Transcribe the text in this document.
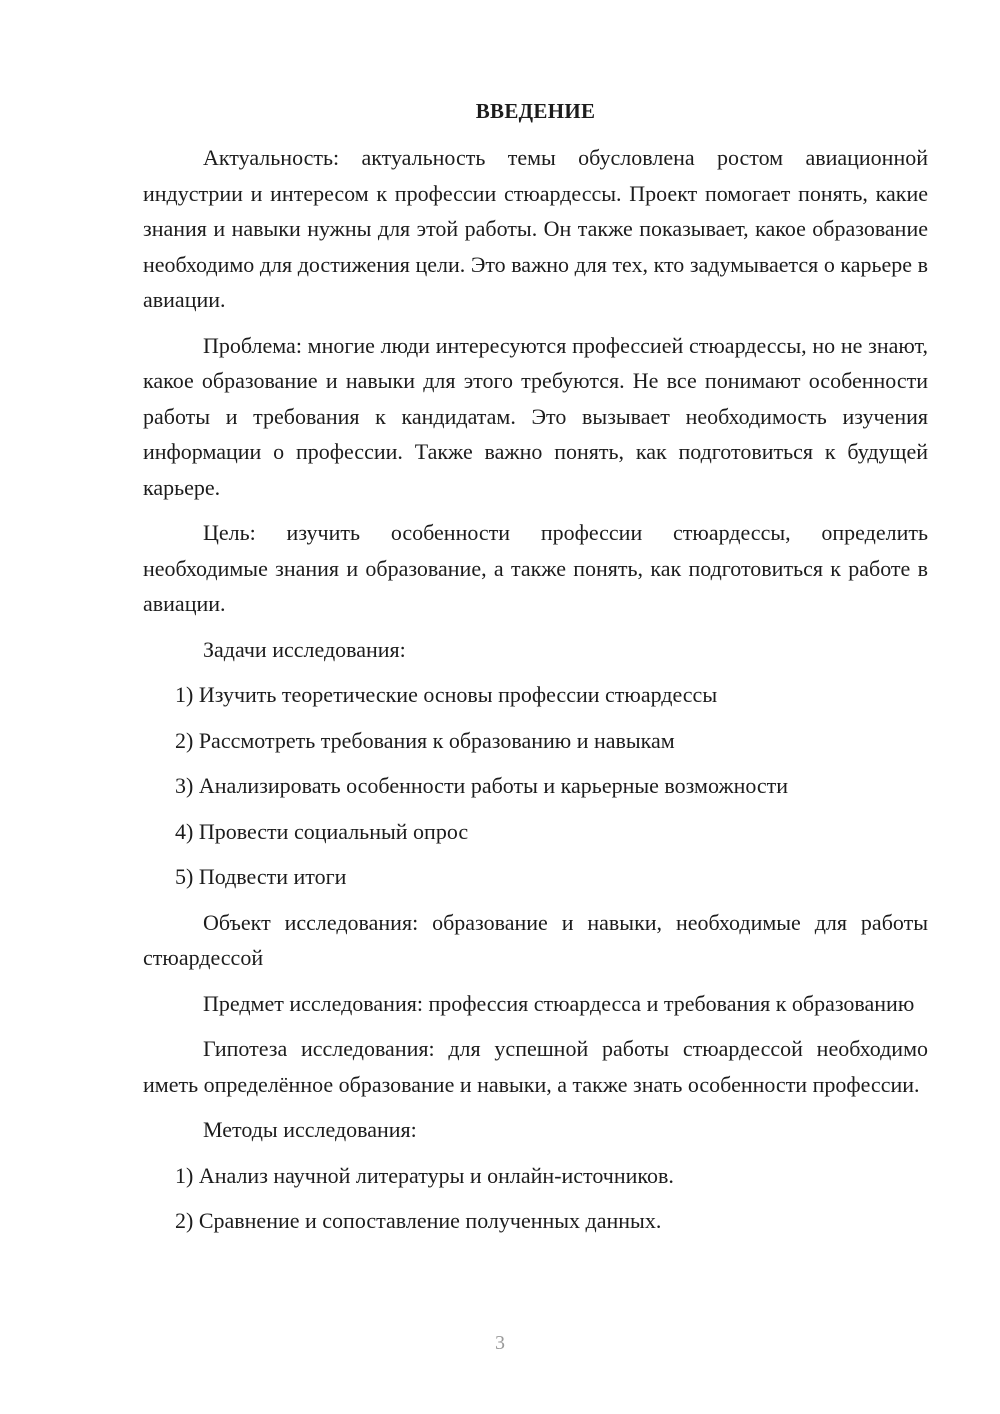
ВВЕДЕНИЕ

Актуальность: актуальность темы обусловлена ростом авиационной индустрии и интересом к профессии стюардессы. Проект помогает понять, какие знания и навыки нужны для этой работы. Он также показывает, какое образование необходимо для достижения цели. Это важно для тех, кто задумывается о карьере в авиации.

Проблема: многие люди интересуются профессией стюардессы, но не знают, какое образование и навыки для этого требуются. Не все понимают особенности работы и требования к кандидатам. Это вызывает необходимость изучения информации о профессии. Также важно понять, как подготовиться к будущей карьере.

Цель: изучить особенности профессии стюардессы, определить необходимые знания и образование, а также понять, как подготовиться к работе в авиации.

Задачи исследования:
1) Изучить теоретические основы профессии стюардессы
2) Рассмотреть требования к образованию и навыкам
3) Анализировать особенности работы и карьерные возможности
4) Провести социальный опрос
5) Подвести итоги

Объект исследования: образование и навыки, необходимые для работы стюардессой

Предмет исследования: профессия стюардесса и требования к образованию

Гипотеза исследования: для успешной работы стюардессой необходимо иметь определённое образование и навыки, а также знать особенности профессии.

Методы исследования:
1) Анализ научной литературы и онлайн-источников.
2) Сравнение и сопоставление полученных данных.
3
